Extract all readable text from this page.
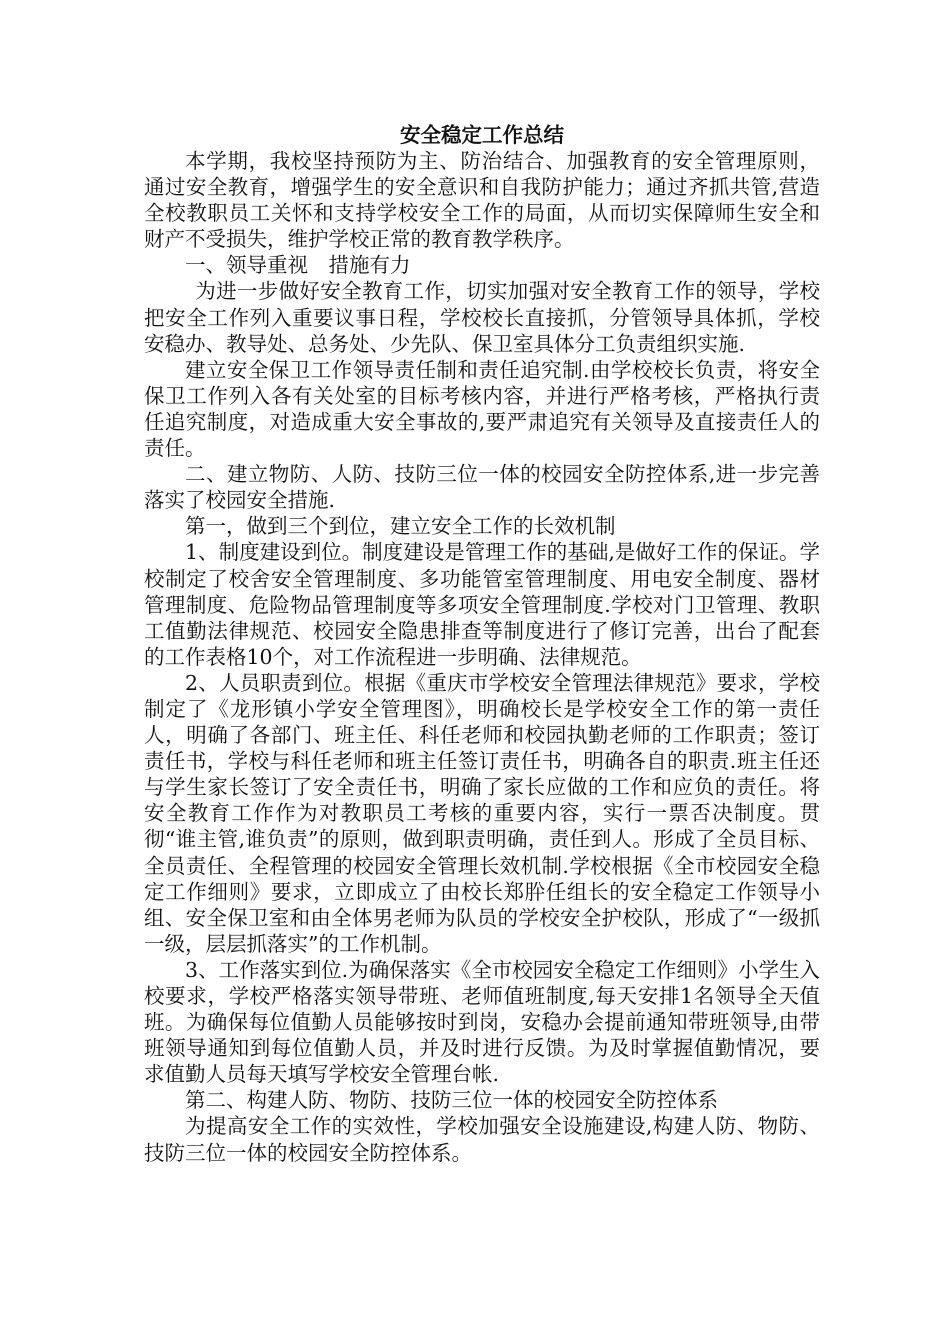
安全稳定工作总结

本学期，我校坚持预防为主、防治结合、加强教育的安全管理原则，通过安全教育，增强学生的安全意识和自我防护能力；通过齐抓共管,营造全校教职员工关怀和支持学校安全工作的局面，从而切实保障师生安全和财产不受损失，维护学校正常的教育教学秩序。

一、领导重视　措施有力

为进一步做好安全教育工作，切实加强对安全教育工作的领导，学校把安全工作列入重要议事日程，学校校长直接抓，分管领导具体抓，学校安稳办、教导处、总务处、少先队、保卫室具体分工负责组织实施.

建立安全保卫工作领导责任制和责任追究制.由学校校长负责，将安全保卫工作列入各有关处室的目标考核内容，并进行严格考核，严格执行责任追究制度，对造成重大安全事故的,要严肃追究有关领导及直接责任人的责任。

二、建立物防、人防、技防三位一体的校园安全防控体系,进一步完善落实了校园安全措施.

第一，做到三个到位，建立安全工作的长效机制

1、制度建设到位。制度建设是管理工作的基础,是做好工作的保证。学校制定了校舍安全管理制度、多功能管室管理制度、用电安全制度、器材管理制度、危险物品管理制度等多项安全管理制度.学校对门卫管理、教职工值勤法律规范、校园安全隐患排查等制度进行了修订完善，出台了配套的工作表格10个，对工作流程进一步明确、法律规范。

2、人员职责到位。根据《重庆市学校安全管理法律规范》要求，学校制定了《龙形镇小学安全管理图》，明确校长是学校安全工作的第一责任人，明确了各部门、班主任、科任老师和校园执勤老师的工作职责；签订责任书，学校与科任老师和班主任签订责任书，明确各自的职责.班主任还与学生家长签订了安全责任书，明确了家长应做的工作和应负的责任。将安全教育工作作为对教职员工考核的重要内容，实行一票否决制度。贯彻“谁主管,谁负责”的原则，做到职责明确，责任到人。形成了全员目标、全员责任、全程管理的校园安全管理长效机制.学校根据《全市校园安全稳定工作细则》要求，立即成立了由校长郑肸任组长的安全稳定工作领导小组、安全保卫室和由全体男老师为队员的学校安全护校队，形成了“一级抓一级，层层抓落实”的工作机制。

3、工作落实到位.为确保落实《全市校园安全稳定工作细则》小学生入校要求，学校严格落实领导带班、老师值班制度,每天安排1名领导全天值班。为确保每位值勤人员能够按时到岗，安稳办会提前通知带班领导,由带班领导通知到每位值勤人员，并及时进行反馈。为及时掌握值勤情况，要求值勤人员每天填写学校安全管理台帐.

第二、构建人防、物防、技防三位一体的校园安全防控体系

为提高安全工作的实效性，学校加强安全设施建设,构建人防、物防、技防三位一体的校园安全防控体系。
